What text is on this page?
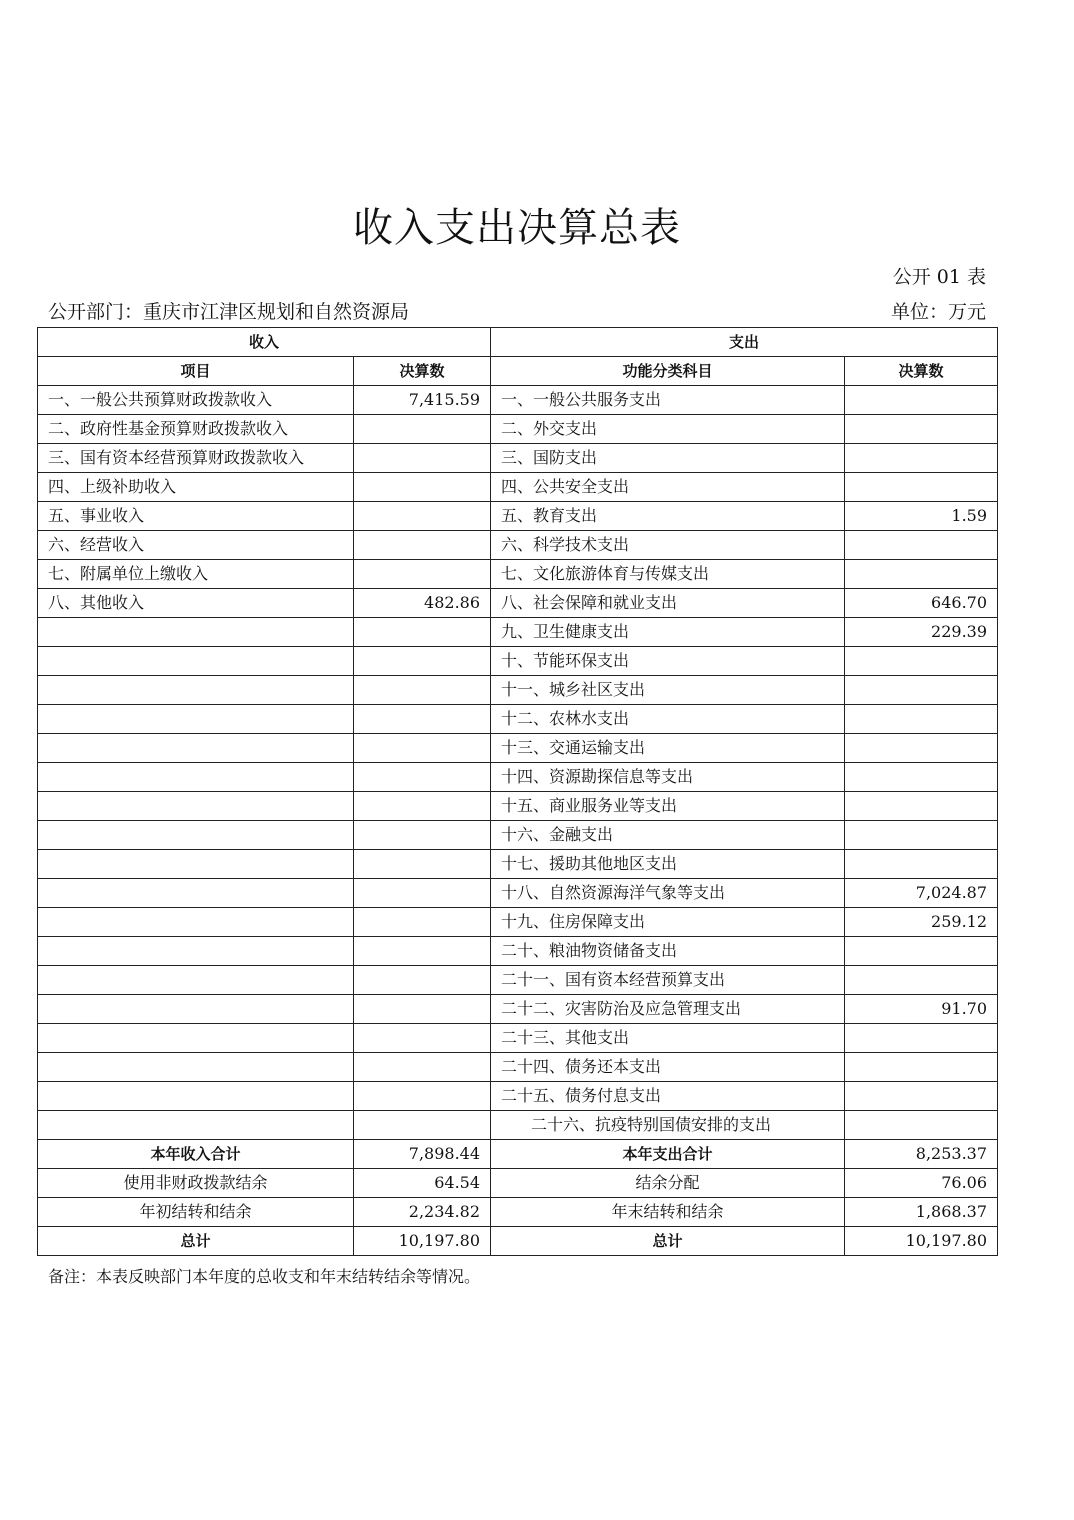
收入支出决算总表
公开 01 表
公开部门：重庆市江津区规划和自然资源局	单位：万元
收入		支出	
项目	决算数	功能分类科目	决算数
一、一般公共预算财政拨款收入	7,415.59	一、一般公共服务支出	
二、政府性基金预算财政拨款收入		二、外交支出	
三、国有资本经营预算财政拨款收入		三、国防支出	
四、上级补助收入		四、公共安全支出	
五、事业收入		五、教育支出	1.59
六、经营收入		六、科学技术支出	
七、附属单位上缴收入		七、文化旅游体育与传媒支出	
八、其他收入	482.86	八、社会保障和就业支出	646.70
		九、卫生健康支出	229.39
		十、节能环保支出	
		十一、城乡社区支出	
		十二、农林水支出	
		十三、交通运输支出	
		十四、资源勘探信息等支出	
		十五、商业服务业等支出	
		十六、金融支出	
		十七、援助其他地区支出	
		十八、自然资源海洋气象等支出	7,024.87
		十九、住房保障支出	259.12
		二十、粮油物资储备支出	
		二十一、国有资本经营预算支出	
		二十二、灾害防治及应急管理支出	91.70
		二十三、其他支出	
		二十四、债务还本支出	
		二十五、债务付息支出	
		二十六、抗疫特别国债安排的支出	
本年收入合计	7,898.44	本年支出合计	8,253.37
使用非财政拨款结余	64.54	结余分配	76.06
年初结转和结余	2,234.82	年末结转和结余	1,868.37
总计	10,197.80	总计	10,197.80
备注：本表反映部门本年度的总收支和年末结转结余等情况。
